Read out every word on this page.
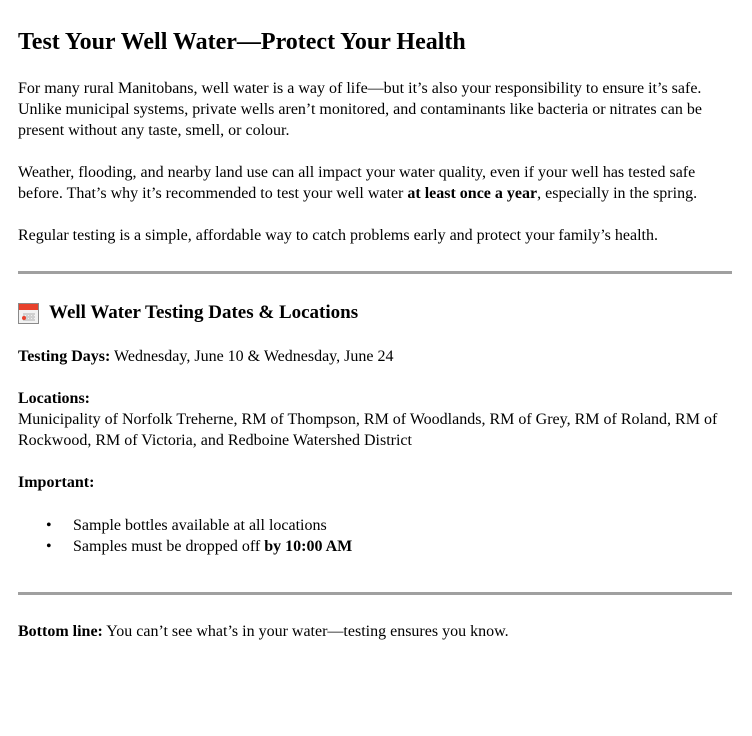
Test Your Well Water—Protect Your Health

For many rural Manitobans, well water is a way of life—but it’s also your responsibility to ensure it’s safe. Unlike municipal systems, private wells aren’t monitored, and contaminants like bacteria or nitrates can be present without any taste, smell, or colour.

Weather, flooding, and nearby land use can all impact your water quality, even if your well has tested safe before. That’s why it’s recommended to test your well water at least once a year, especially in the spring.

Regular testing is a simple, affordable way to catch problems early and protect your family’s health.

Well Water Testing Dates & Locations

Testing Days: Wednesday, June 10 & Wednesday, June 24

Locations:

Municipality of Norfolk Treherne, RM of Thompson, RM of Woodlands, RM of Grey, RM of Roland, RM of Rockwood, RM of Victoria, and Redboine Watershed District

Important:

• Sample bottles available at all locations
• Samples must be dropped off by 10:00 AM

Bottom line: You can’t see what’s in your water—testing ensures you know.
